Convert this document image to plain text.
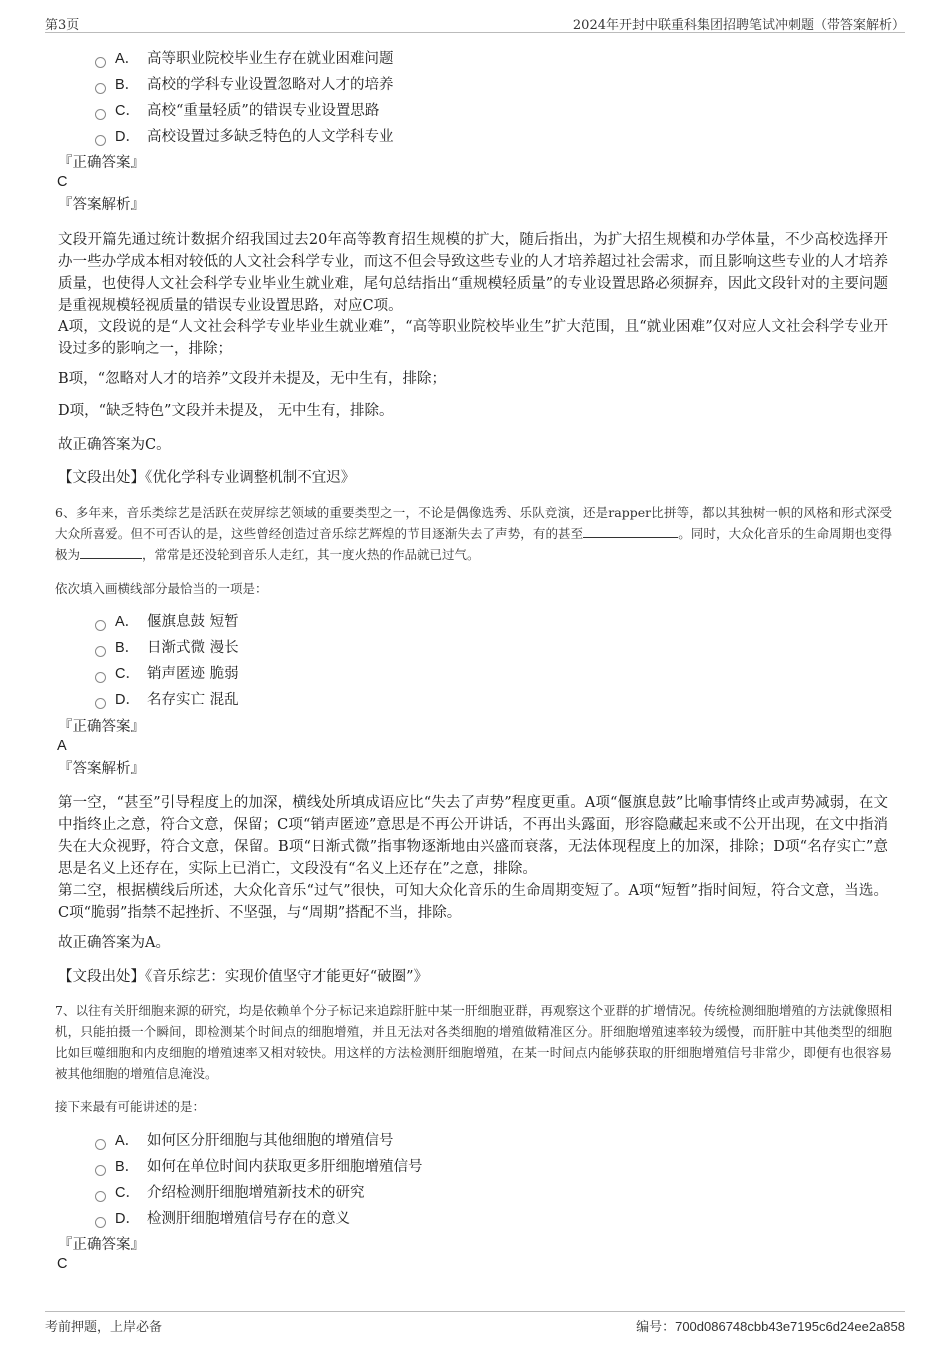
第3页	2024年开封中联重科集团招聘笔试冲刺题（带答案解析）
A． 高等职业院校毕业生存在就业困难问题
B． 高校的学科专业设置忽略对人才的培养
C． 高校“重量轻质”的错误专业设置思路
D． 高校设置过多缺乏特色的人文学科专业
『正确答案』
C
『答案解析』
文段开篇先通过统计数据介绍我国过去20年高等教育招生规模的扩大，随后指出，为扩大招生规模和办学体量，不少高校选择开办一些办学成本相对较低的人文社会科学专业，而这不但会导致这些专业的人才培养超过社会需求，而且影响这些专业的人才培养质量，也使得人文社会科学专业毕业生就业难，尾句总结指出“重规模轻质量”的专业设置思路必须摒弃，因此文段针对的主要问题是重视规模轻视质量的错误专业设置思路，对应C项。
A项，文段说的是“人文社会科学专业毕业生就业难”，“高等职业院校毕业生”扩大范围，且“就业困难”仅对应人文社会科学专业开设过多的影响之一，排除；
B项，“忽略对人才的培养”文段并未提及，无中生有，排除；
D项，“缺乏特色”文段并未提及， 无中生有，排除。
故正确答案为C。
【文段出处】《优化学科专业调整机制不宜迟》
6、多年来，音乐类综艺是活跃在荧屏综艺领域的重要类型之一，不论是偶像选秀、乐队竞演，还是rapper比拼等，都以其独树一帜的风格和形式深受大众所喜爱。但不可否认的是，这些曾经创造过音乐综艺辉煌的节目逐渐失去了声势，有的甚至	。同时，大众化音乐的生命周期也变得极为	，常常是还没轮到音乐人走红，其一度火热的作品就已过气。
依次填入画横线部分最恰当的一项是：
A． 偃旗息鼓 短暂
B． 日渐式微 漫长
C． 销声匿迹 脆弱
D． 名存实亡 混乱
『正确答案』
A
『答案解析』
第一空，“甚至”引导程度上的加深，横线处所填成语应比“失去了声势”程度更重。A项“偃旗息鼓”比喻事情终止或声势减弱，在文中指终止之意，符合文意，保留；C项“销声匿迹”意思是不再公开讲话，不再出头露面，形容隐藏起来或不公开出现，在文中指消失在大众视野，符合文意，保留。B项“日渐式微”指事物逐渐地由兴盛而衰落，无法体现程度上的加深，排除；D项“名存实亡”意思是名义上还存在，实际上已消亡，文段没有“名义上还存在”之意，排除。
第二空，根据横线后所述，大众化音乐“过气”很快，可知大众化音乐的生命周期变短了。A项“短暂”指时间短，符合文意，当选。C项“脆弱”指禁不起挫折、不坚强，与“周期”搭配不当，排除。
故正确答案为A。
【文段出处】《音乐综艺：实现价值坚守才能更好“破圈”》
7、以往有关肝细胞来源的研究，均是依赖单个分子标记来追踪肝脏中某一肝细胞亚群，再观察这个亚群的扩增情况。传统检测细胞增殖的方法就像照相机，只能拍摄一个瞬间，即检测某个时间点的细胞增殖，并且无法对各类细胞的增殖做精准区分。肝细胞增殖速率较为缓慢，而肝脏中其他类型的细胞比如巨噬细胞和内皮细胞的增殖速率又相对较快。用这样的方法检测肝细胞增殖，在某一时间点内能够获取的肝细胞增殖信号非常少，即便有也很容易被其他细胞的增殖信息淹没。
接下来最有可能讲述的是：
A． 如何区分肝细胞与其他细胞的增殖信号
B． 如何在单位时间内获取更多肝细胞增殖信号
C． 介绍检测肝细胞增殖新技术的研究
D． 检测肝细胞增殖信号存在的意义
『正确答案』
C
考前押题，上岸必备	编号：700d086748cbb43e7195c6d24ee2a858
